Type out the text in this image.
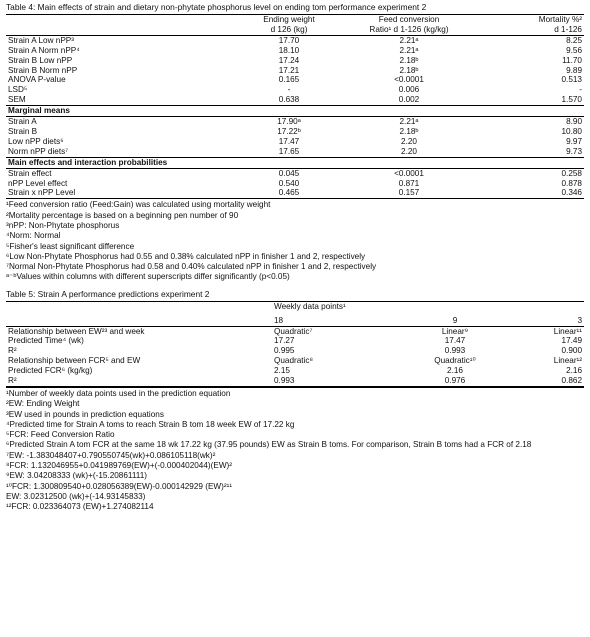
Table 4: Main effects of strain and dietary non-phytate phosphorus level on ending tom performance experiment 2

	Ending weight	Feed conversion	Mortality %²
	d 126 (kg)	Ratio¹ d 1-126 (kg/kg)	d 1-126
Strain A Low nPP³	17.70	2.21ᵃ	8.25
Strain A Norm nPP⁴	18.10	2.21ᵃ	9.56
Strain B Low nPP	17.24	2.18ᵇ	11.70
Strain B Norm nPP	17.21	2.18ᵇ	9.89
ANOVA P-value	0.165	<0.0001	0.513
LSD⁵	-	0.006	-
SEM	0.638	0.002	1.570
Marginal means			
Strain A	17.90ᵃ	2.21ᵃ	8.90
Strain B	17.22ᵇ	2.18ᵇ	10.80
Low nPP diets⁶	17.47	2.20	9.97
Norm nPP diets⁷	17.65	2.20	9.73
Main effects and interaction probabilities			
Strain effect	0.045	<0.0001	0.258
nPP Level effect	0.540	0.871	0.878
Strain x nPP Level	0.465	0.157	0.346

¹Feed conversion ratio (Feed:Gain) was calculated using mortality weight

²Mortality percentage is based on a beginning pen number of 90

³nPP: Non-Phytate phosphorus

⁴Norm: Normal

⁵Fisher's least significant difference

⁶Low Non-Phytate Phosphorus had 0.55 and 0.38% calculated nPP in finisher 1 and 2, respectively

⁷Normal Non-Phytate Phosphorus had 0.58 and 0.40% calculated nPP in finisher 1 and 2, respectively

ᵃ⁻ᵇValues within columns with different superscripts differ significantly (p<0.05)

Table 5: Strain A performance predictions experiment 2

	Weekly data points¹		
	18	9	3
Relationship between EW²³ and week	Quadratic⁷	Linear⁹	Linear¹¹
Predicted Time⁴ (wk)	17.27	17.47	17.49
R²	0.995	0.993	0.900
Relationship between FCR⁵ and EW	Quadratic⁸	Quadratic¹⁰	Linear¹²
Predicted FCR⁶ (kg/kg)	2.15	2.16	2.16
R²	0.993	0.976	0.862

¹Number of weekly data points used in the prediction equation

²EW: Ending Weight

³EW used in pounds in prediction equations

⁴Predicted time for Strain A toms to reach Strain B tom 18 week EW of 17.22 kg

⁵FCR: Feed Conversion Ratio

⁶Predicted Strain A tom FCR at the same 18 wk 17.22 kg (37.95 pounds) EW as Strain B toms. For comparison, Strain B toms had a FCR of 2.18

⁷EW: -1.383048407+0.790550745(wk)+0.086105118(wk)²

⁸FCR: 1.132046955+0.041989769(EW)+(-0.000402044)(EW)²

⁹EW: 3.04208333 (wk)+(-15.20861111)

¹⁰FCR: 1.300809540+0.028056389(EW)-0.000142929 (EW)²¹¹

EW: 3.02312500 (wk)+(-14.93145833)

¹²FCR: 0.023364073 (EW)+1.274082114
